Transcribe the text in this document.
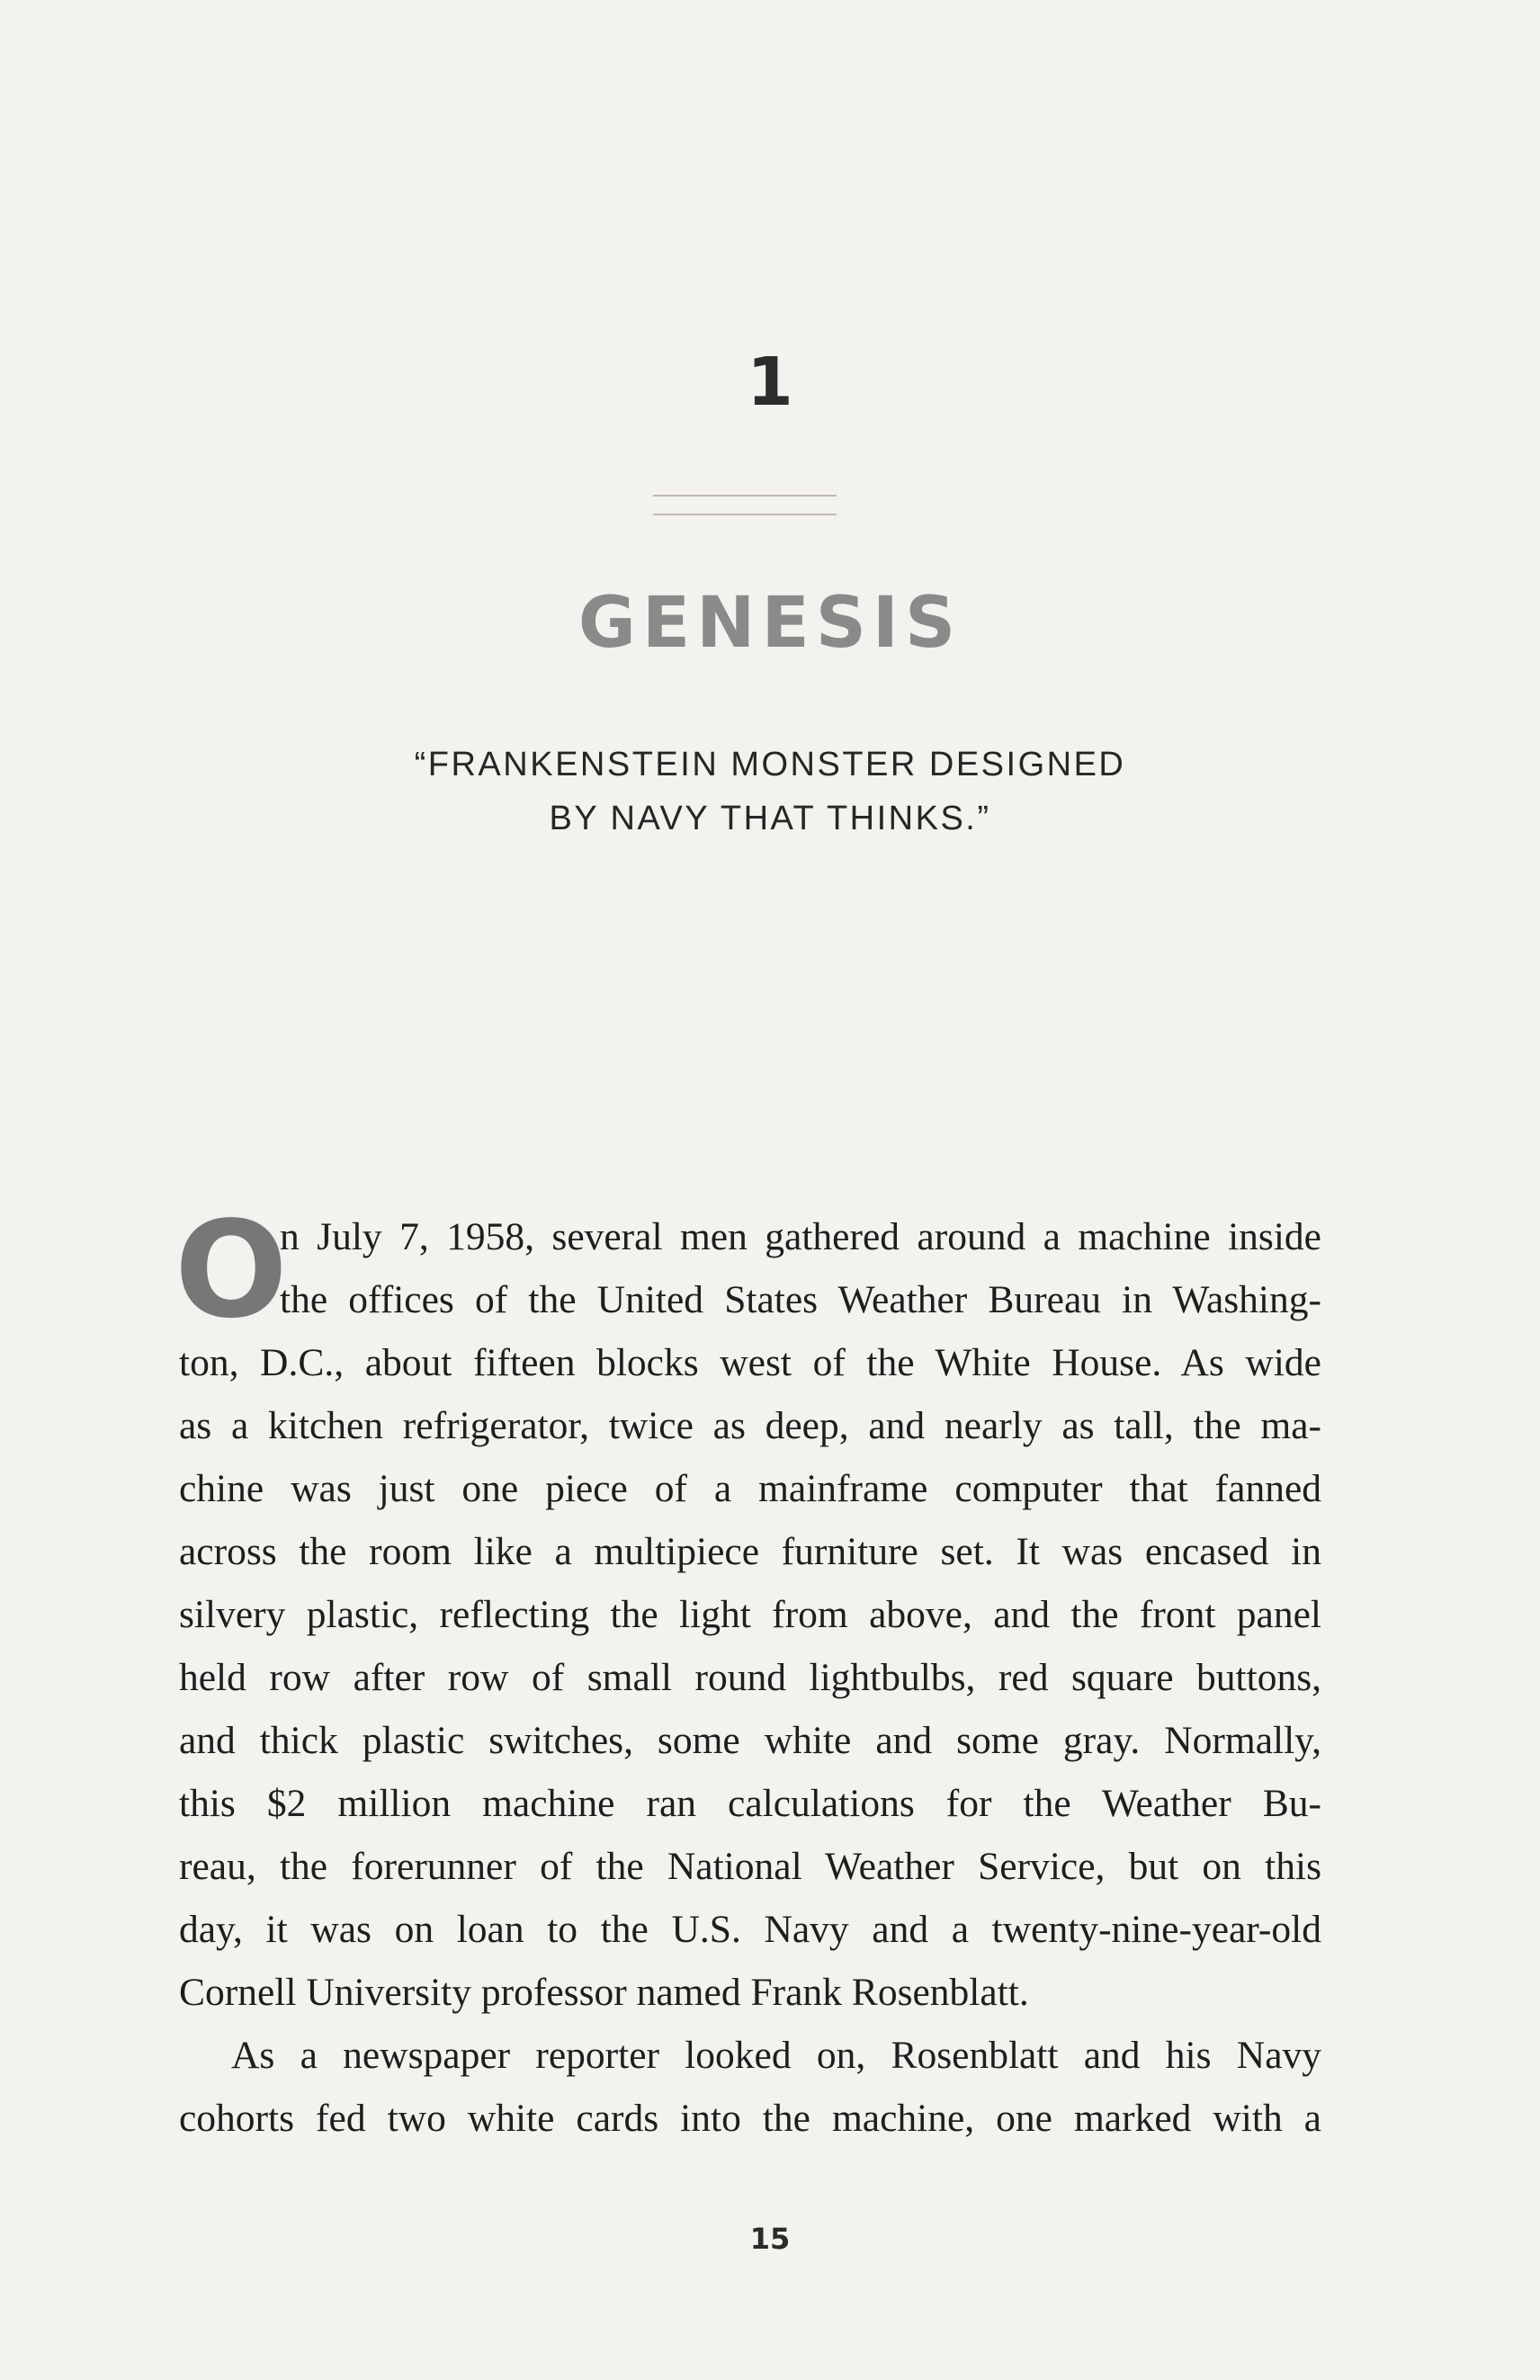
1
GENESIS
“FRANKENSTEIN MONSTER DESIGNED
BY NAVY THAT THINKS.”
O
n July 7, 1958, several men gathered around a machine inside
the offices of the United States Weather Bureau in Washing-
ton, D.C., about fifteen blocks west of the White House. As wide
as a kitchen refrigerator, twice as deep, and nearly as tall, the ma-
chine was just one piece of a mainframe computer that fanned
across the room like a multipiece furniture set. It was encased in
silvery plastic, reflecting the light from above, and the front panel
held row after row of small round lightbulbs, red square buttons,
and thick plastic switches, some white and some gray. Normally,
this $2 million machine ran calculations for the Weather Bu-
reau, the forerunner of the National Weather Service, but on this
day, it was on loan to the U.S. Navy and a twenty-nine-year-old
Cornell University professor named Frank Rosenblatt.
As a newspaper reporter looked on, Rosenblatt and his Navy
cohorts fed two white cards into the machine, one marked with a
15
